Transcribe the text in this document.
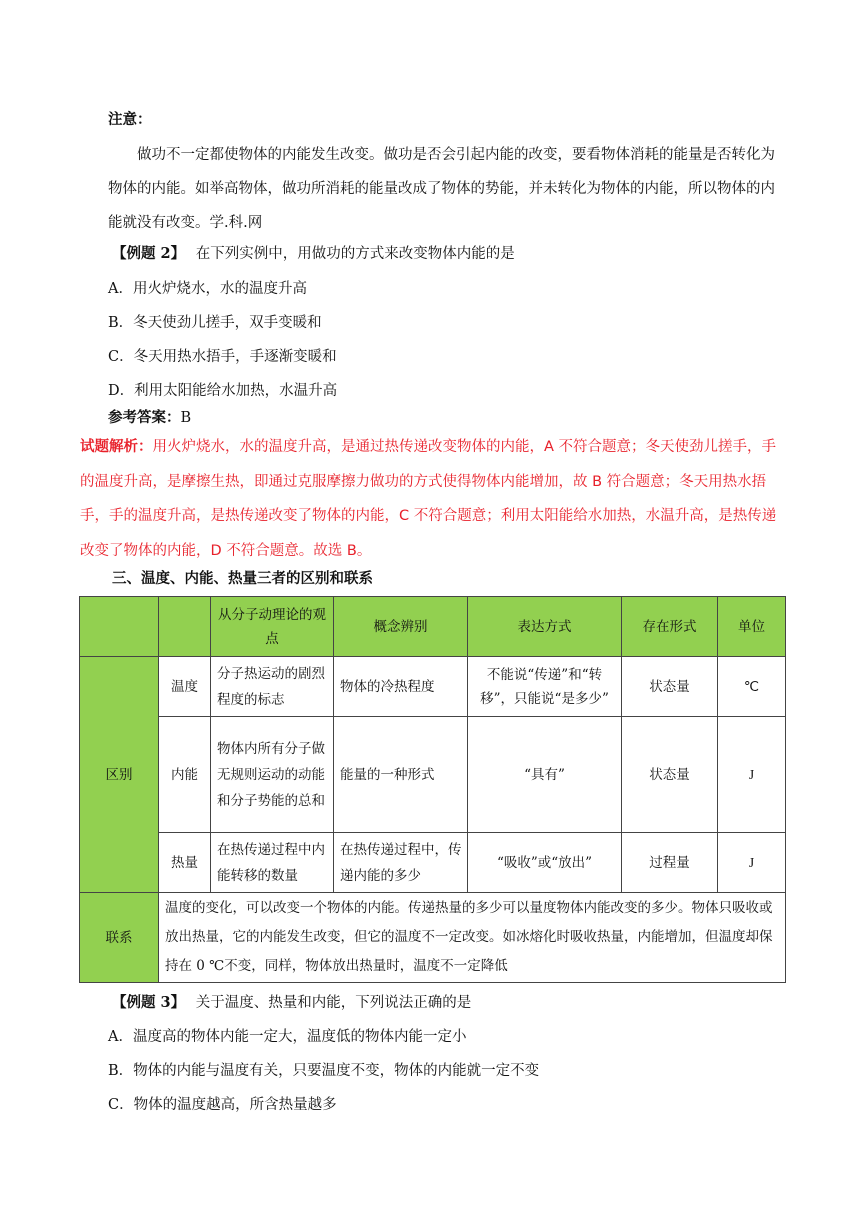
注意：
做功不一定都使物体的内能发生改变。做功是否会引起内能的改变，要看物体消耗的能量是否转化为物体的内能。如举高物体，做功所消耗的能量改成了物体的势能，并未转化为物体的内能，所以物体的内能就没有改变。学.科.网
【例题 2】 在下列实例中，用做功的方式来改变物体内能的是
A．用火炉烧水，水的温度升高
B．冬天使劲儿搓手，双手变暖和
C．冬天用热水捂手，手逐渐变暖和
D．利用太阳能给水加热，水温升高
参考答案：B
试题解析：用火炉烧水，水的温度升高，是通过热传递改变物体的内能，A 不符合题意；冬天使劲儿搓手，手的温度升高，是摩擦生热，即通过克服摩擦力做功的方式使得物体内能增加，故 B 符合题意；冬天用热水捂手，手的温度升高，是热传递改变了物体的内能，C 不符合题意；利用太阳能给水加热，水温升高，是热传递改变了物体的内能，D 不符合题意。故选 B。
三、温度、内能、热量三者的区别和联系
		从分子动理论的观点	概念辨别	表达方式	存在形式	单位
区别	温度	分子热运动的剧烈程度的标志	物体的冷热程度	不能说“传递”和“转移”，只能说“是多少”	状态量	℃
	内能	物体内所有分子做无规则运动的动能和分子势能的总和	能量的一种形式	“具有”	状态量	J
	热量	在热传递过程中内能转移的数量	在热传递过程中，传递内能的多少	“吸收”或“放出”	过程量	J
联系	温度的变化，可以改变一个物体的内能。传递热量的多少可以量度物体内能改变的多少。物体只吸收或放出热量，它的内能发生改变，但它的温度不一定改变。如冰熔化时吸收热量，内能增加，但温度却保持在 0 ℃不变，同样，物体放出热量时，温度不一定降低					
【例题 3】 关于温度、热量和内能，下列说法正确的是
A．温度高的物体内能一定大，温度低的物体内能一定小
B．物体的内能与温度有关，只要温度不变，物体的内能就一定不变
C．物体的温度越高，所含热量越多
